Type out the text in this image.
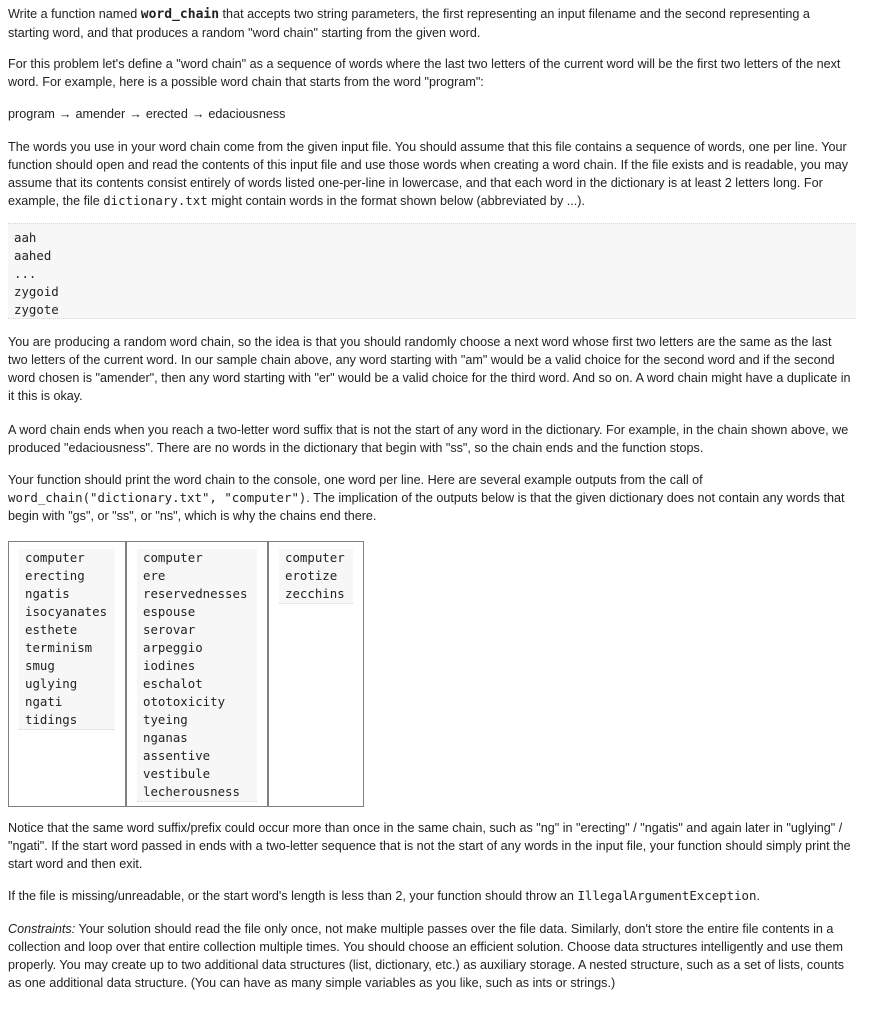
Write a function named word_chain that accepts two string parameters, the first representing an input filename and the second representing a starting word, and that produces a random "word chain" starting from the given word.

For this problem let's define a "word chain" as a sequence of words where the last two letters of the current word will be the first two letters of the next word. For example, here is a possible word chain that starts from the word "program":

program → amender → erected → edaciousness

The words you use in your word chain come from the given input file. You should assume that this file contains a sequence of words, one per line. Your function should open and read the contents of this input file and use those words when creating a word chain. If the file exists and is readable, you may assume that its contents consist entirely of words listed one-per-line in lowercase, and that each word in the dictionary is at least 2 letters long. For example, the file dictionary.txt might contain words in the format shown below (abbreviated by ...).

aah
aahed
...
zygoid
zygote

You are producing a random word chain, so the idea is that you should randomly choose a next word whose first two letters are the same as the last two letters of the current word. In our sample chain above, any word starting with "am" would be a valid choice for the second word and if the second word chosen is "amender", then any word starting with "er" would be a valid choice for the third word. And so on. A word chain might have a duplicate in it this is okay.

A word chain ends when you reach a two-letter word suffix that is not the start of any word in the dictionary. For example, in the chain shown above, we produced "edaciousness". There are no words in the dictionary that begin with "ss", so the chain ends and the function stops.

Your function should print the word chain to the console, one word per line. Here are several example outputs from the call of word_chain("dictionary.txt", "computer"). The implication of the outputs below is that the given dictionary does not contain any words that begin with "gs", or "ss", or "ns", which is why the chains end there.

computer
erecting
ngatis
isocyanates
esthete
terminism
smug
uglying
ngati
tidings
computer
ere
reservednesses
espouse
serovar
arpeggio
iodines
eschalot
ototoxicity
tyeing
nganas
assentive
vestibule
lecherousness
computer
erotize
zecchins

Notice that the same word suffix/prefix could occur more than once in the same chain, such as "ng" in "erecting" / "ngatis" and again later in "uglying" / "ngati". If the start word passed in ends with a two-letter sequence that is not the start of any words in the input file, your function should simply print the start word and then exit.

If the file is missing/unreadable, or the start word's length is less than 2, your function should throw an IllegalArgumentException.

Constraints: Your solution should read the file only once, not make multiple passes over the file data. Similarly, don't store the entire file contents in a collection and loop over that entire collection multiple times. You should choose an efficient solution. Choose data structures intelligently and use them properly. You may create up to two additional data structures (list, dictionary, etc.) as auxiliary storage. A nested structure, such as a set of lists, counts as one additional data structure. (You can have as many simple variables as you like, such as ints or strings.)
